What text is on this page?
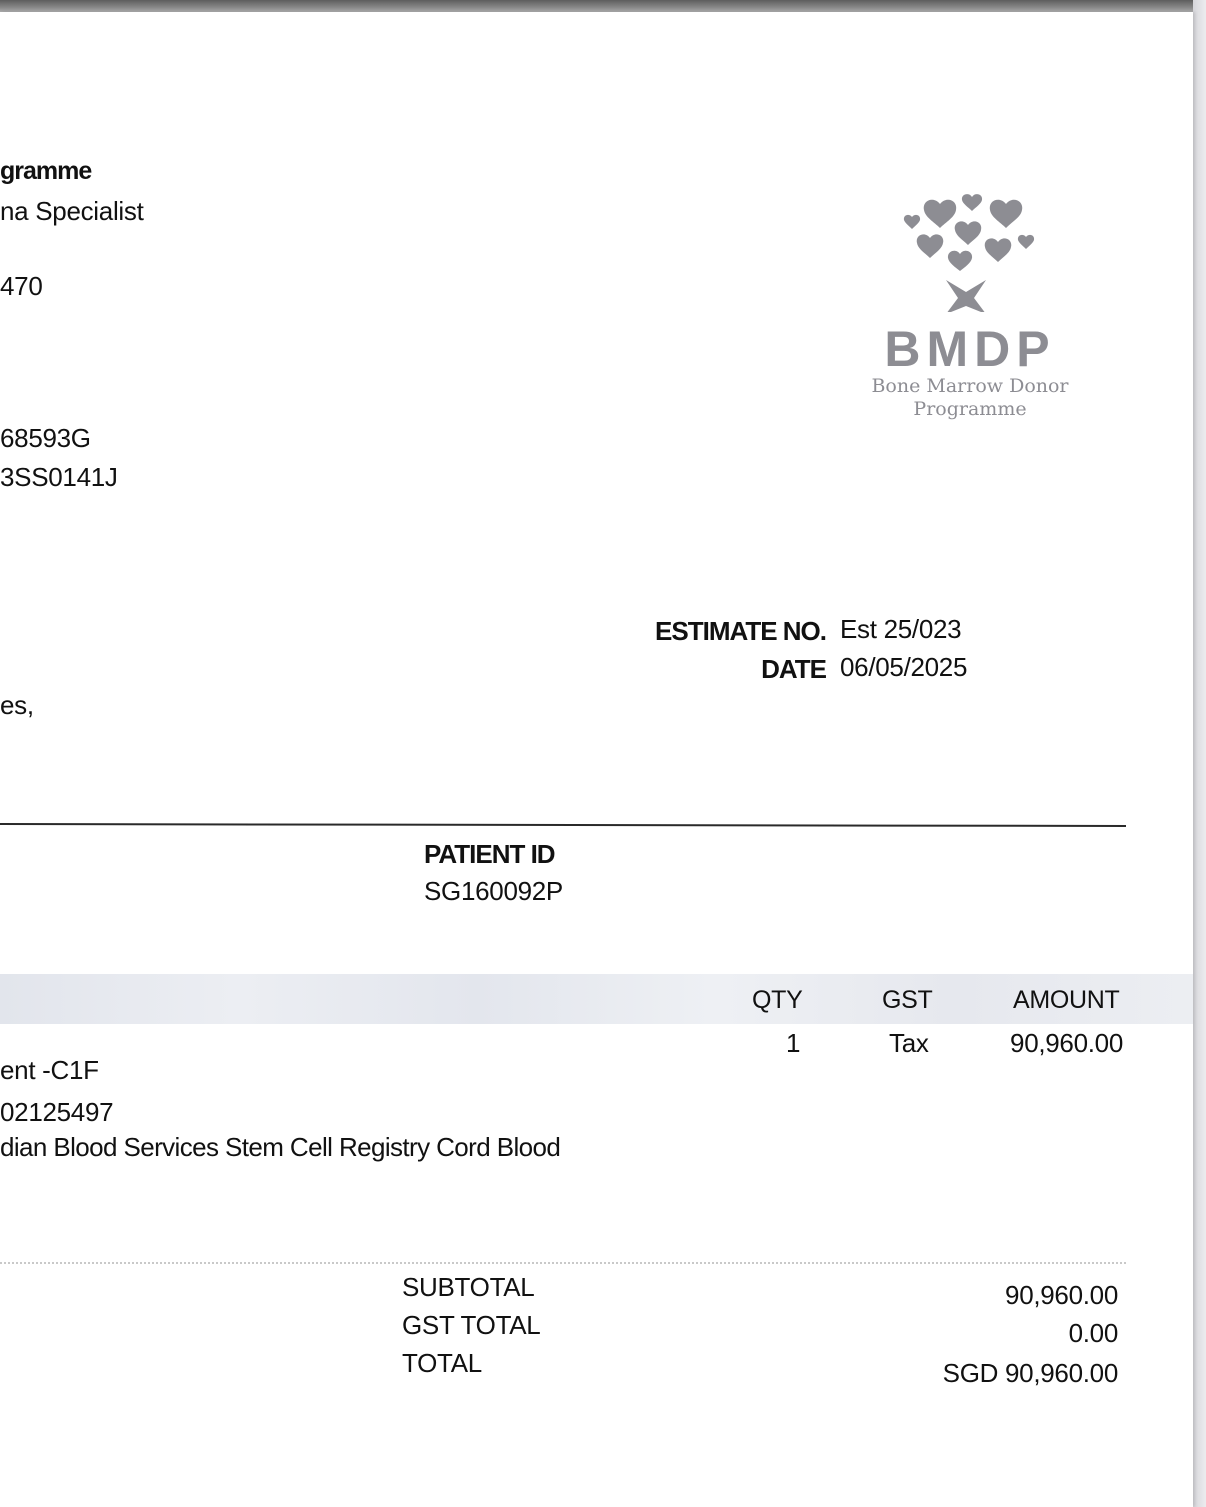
gramme
na Specialist
470
68593G
3SS0141J
BMDP
Bone Marrow Donor
Programme
ESTIMATE NO. Est 25/023
DATE 06/05/2025
es,
PATIENT ID
SG160092P
QTY	GST	AMOUNT
1	Tax	90,960.00
ent -C1F
02125497
dian Blood Services Stem Cell Registry Cord Blood
SUBTOTAL	90,960.00
GST TOTAL	0.00
TOTAL	SGD 90,960.00
